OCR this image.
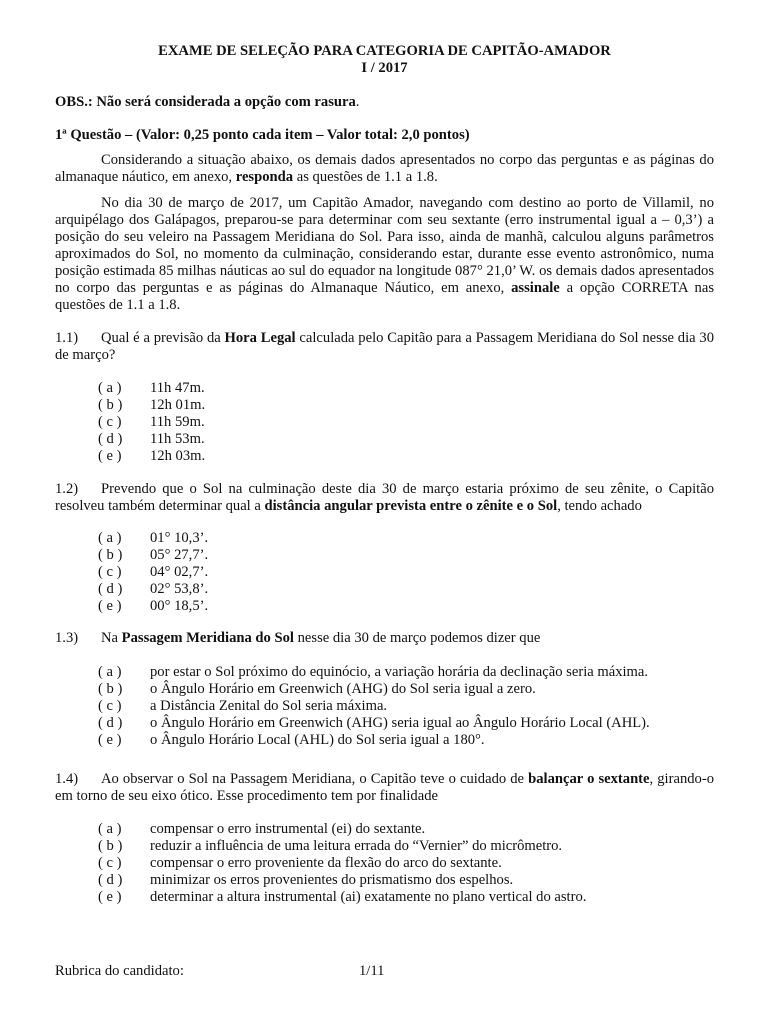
EXAME DE SELEÇÃO PARA CATEGORIA DE CAPITÃO-AMADOR
I / 2017
OBS.: Não será considerada a opção com rasura.
1ª Questão – (Valor: 0,25 ponto cada item – Valor total: 2,0 pontos)
Considerando a situação abaixo, os demais dados apresentados no corpo das perguntas e as páginas do almanaque náutico, em anexo, responda as questões de 1.1 a 1.8.
No dia 30 de março de 2017, um Capitão Amador, navegando com destino ao porto de Villamil, no arquipélago dos Galápagos, preparou-se para determinar com seu sextante (erro instrumental igual a – 0,3’) a posição do seu veleiro na Passagem Meridiana do Sol. Para isso, ainda de manhã, calculou alguns parâmetros aproximados do Sol, no momento da culminação, considerando estar, durante esse evento astronômico, numa posição estimada 85 milhas náuticas ao sul do equador na longitude 087° 21,0’ W. os demais dados apresentados no corpo das perguntas e as páginas do Almanaque Náutico, em anexo, assinale a opção CORRETA nas questões de 1.1 a 1.8.
1.1) Qual é a previsão da Hora Legal calculada pelo Capitão para a Passagem Meridiana do Sol nesse dia 30 de março?
( a ) 11h 47m.
( b ) 12h 01m.
( c ) 11h 59m.
( d ) 11h 53m.
( e ) 12h 03m.
1.2) Prevendo que o Sol na culminação deste dia 30 de março estaria próximo de seu zênite, o Capitão resolveu também determinar qual a distância angular prevista entre o zênite e o Sol, tendo achado
( a ) 01° 10,3’.
( b ) 05° 27,7’.
( c ) 04° 02,7’.
( d ) 02° 53,8’.
( e ) 00° 18,5’.
1.3) Na Passagem Meridiana do Sol nesse dia 30 de março podemos dizer que
( a ) por estar o Sol próximo do equinócio, a variação horária da declinação seria máxima.
( b ) o Ângulo Horário em Greenwich (AHG) do Sol seria igual a zero.
( c ) a Distância Zenital do Sol seria máxima.
( d ) o Ângulo Horário em Greenwich (AHG) seria igual ao Ângulo Horário Local (AHL).
( e ) o Ângulo Horário Local (AHL) do Sol seria igual a 180°.
1.4) Ao observar o Sol na Passagem Meridiana, o Capitão teve o cuidado de balançar o sextante, girando-o em torno de seu eixo ótico. Esse procedimento tem por finalidade
( a ) compensar o erro instrumental (ei) do sextante.
( b ) reduzir a influência de uma leitura errada do “Vernier” do micrômetro.
( c ) compensar o erro proveniente da flexão do arco do sextante.
( d ) minimizar os erros provenientes do prismatismo dos espelhos.
( e ) determinar a altura instrumental (ai) exatamente no plano vertical do astro.
Rubrica do candidato:	1/11
